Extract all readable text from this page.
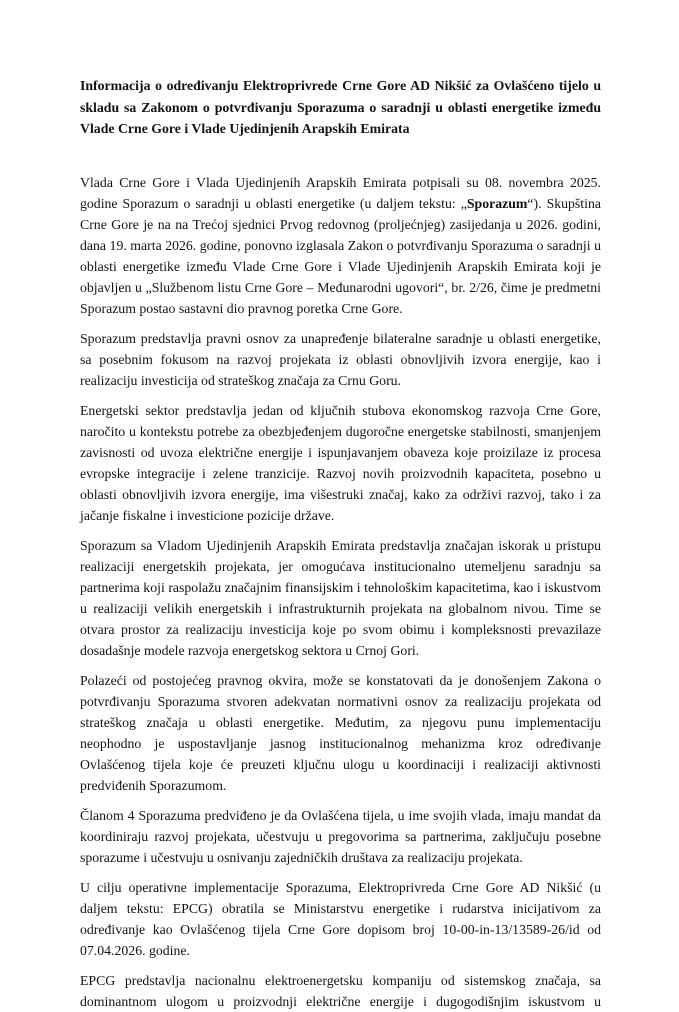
Informacija o određivanju Elektroprivrede Crne Gore AD Nikšić za Ovlašćeno tijelo u skladu sa Zakonom o potvrđivanju Sporazuma o saradnji u oblasti energetike između Vlade Crne Gore i Vlade Ujedinjenih Arapskih Emirata

Vlada Crne Gore i Vlada Ujedinjenih Arapskih Emirata potpisali su 08. novembra 2025. godine Sporazum o saradnji u oblasti energetike (u daljem tekstu: „Sporazum“). Skupština Crne Gore je na na Trećoj sjednici Prvog redovnog (proljećnjeg) zasijedanja u 2026. godini, dana 19. marta 2026. godine, ponovno izglasala Zakon o potvrđivanju Sporazuma o saradnji u oblasti energetike između Vlade Crne Gore i Vlade Ujedinjenih Arapskih Emirata koji je objavljen u „Službenom listu Crne Gore – Međunarodni ugovori“, br. 2/26, čime je predmetni Sporazum postao sastavni dio pravnog poretka Crne Gore.

Sporazum predstavlja pravni osnov za unapređenje bilateralne saradnje u oblasti energetike, sa posebnim fokusom na razvoj projekata iz oblasti obnovljivih izvora energije, kao i realizaciju investicija od strateškog značaja za Crnu Goru.

Energetski sektor predstavlja jedan od ključnih stubova ekonomskog razvoja Crne Gore, naročito u kontekstu potrebe za obezbjeđenjem dugoročne energetske stabilnosti, smanjenjem zavisnosti od uvoza električne energije i ispunjavanjem obaveza koje proizilaze iz procesa evropske integracije i zelene tranzicije. Razvoj novih proizvodnih kapaciteta, posebno u oblasti obnovljivih izvora energije, ima višestruki značaj, kako za održivi razvoj, tako i za jačanje fiskalne i investicione pozicije države.

Sporazum sa Vladom Ujedinjenih Arapskih Emirata predstavlja značajan iskorak u pristupu realizaciji energetskih projekata, jer omogućava institucionalno utemeljenu saradnju sa partnerima koji raspolažu značajnim finansijskim i tehnološkim kapacitetima, kao i iskustvom u realizaciji velikih energetskih i infrastrukturnih projekata na globalnom nivou. Time se otvara prostor za realizaciju investicija koje po svom obimu i kompleksnosti prevazilaze dosadašnje modele razvoja energetskog sektora u Crnoj Gori.

Polazeći od postojećeg pravnog okvira, može se konstatovati da je donošenjem Zakona o potvrđivanju Sporazuma stvoren adekvatan normativni osnov za realizaciju projekata od strateškog značaja u oblasti energetike. Međutim, za njegovu punu implementaciju neophodno je uspostavljanje jasnog institucionalnog mehanizma kroz određivanje Ovlašćenog tijela koje će preuzeti ključnu ulogu u koordinaciji i realizaciji aktivnosti predviđenih Sporazumom.

Članom 4 Sporazuma predviđeno je da Ovlašćena tijela, u ime svojih vlada, imaju mandat da koordiniraju razvoj projekata, učestvuju u pregovorima sa partnerima, zaključuju posebne sporazume i učestvuju u osnivanju zajedničkih društava za realizaciju projekata.

U cilju operativne implementacije Sporazuma, Elektroprivreda Crne Gore AD Nikšić (u daljem tekstu: EPCG) obratila se Ministarstvu energetike i rudarstva inicijativom za određivanje kao Ovlašćenog tijela Crne Gore dopisom broj 10-00-in-13/13589-26/id od 07.04.2026. godine.

EPCG predstavlja nacionalnu elektroenergetsku kompaniju od sistemskog značaja, sa dominantnom ulogom u proizvodnji električne energije i dugogodišnjim iskustvom u
